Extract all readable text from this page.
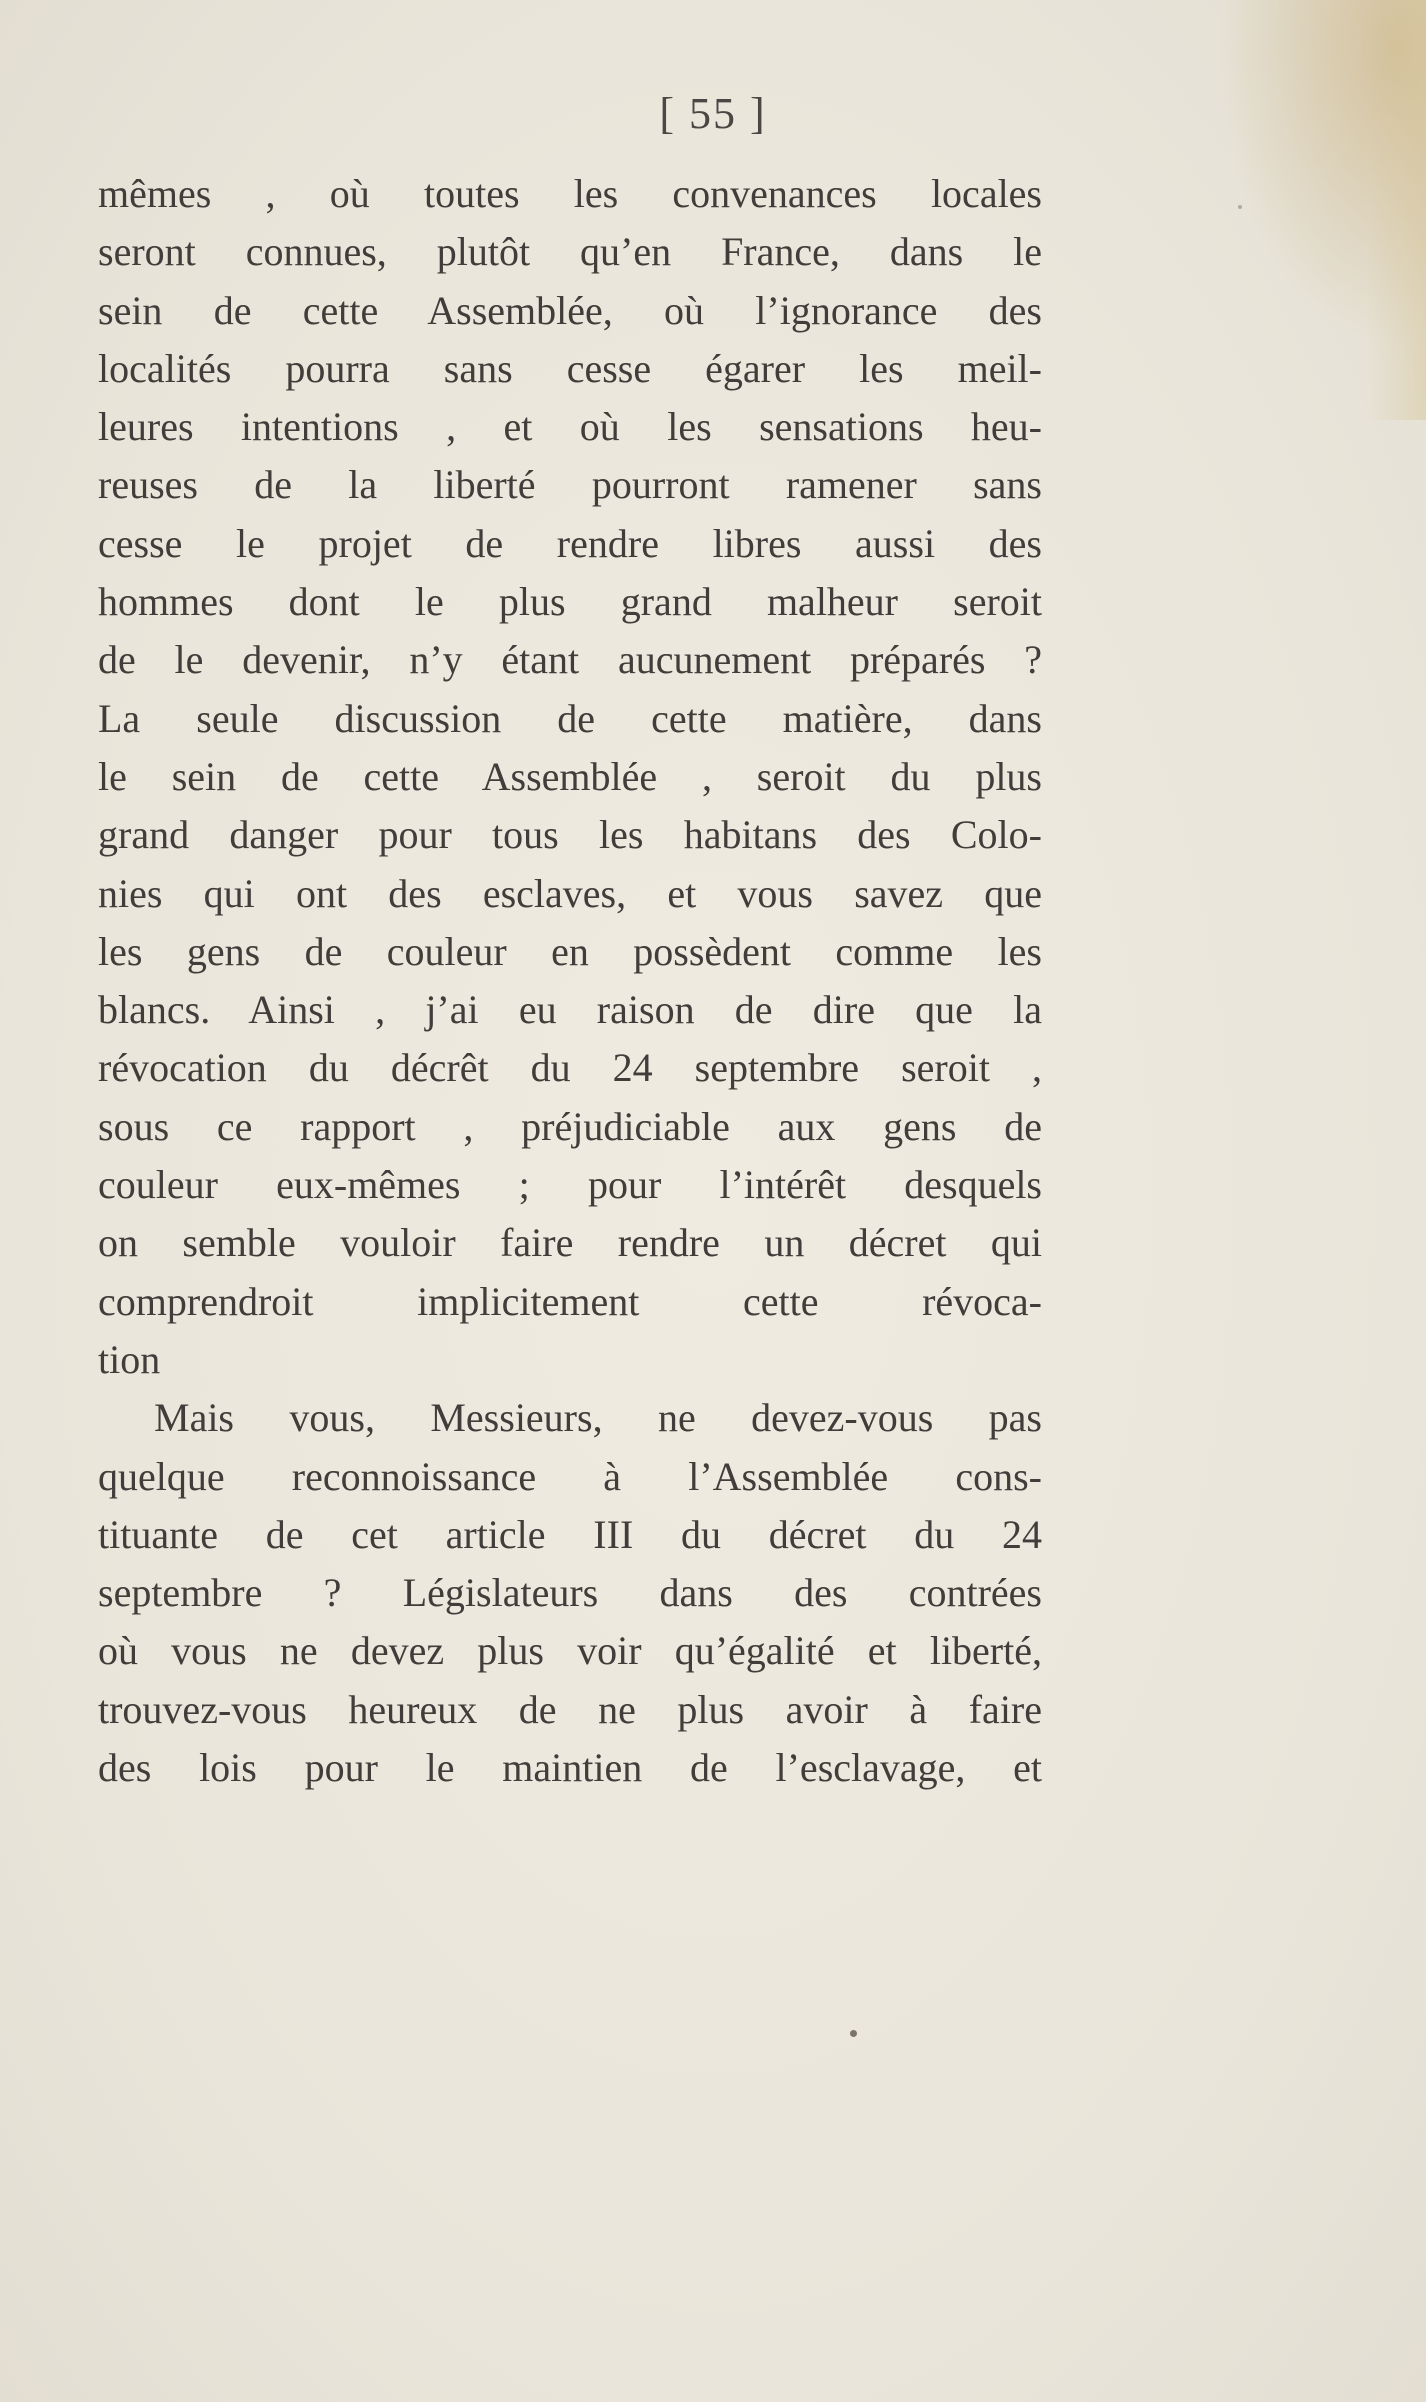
[ 55 ]
mêmes , où toutes les convenances locales
seront connues, plutôt qu’en France, dans le
sein de cette Assemblée, où l’ignorance des
localités pourra sans cesse égarer les meil-
leures intentions , et où les sensations heu-
reuses de la liberté pourront ramener sans
cesse le projet de rendre libres aussi des
hommes dont le plus grand malheur seroit
de le devenir, n’y étant aucunement préparés ?
La seule discussion de cette matière, dans
le sein de cette Assemblée , seroit du plus
grand danger pour tous les habitans des Colo-
nies qui ont des esclaves, et vous savez que
les gens de couleur en possèdent comme les
blancs. Ainsi , j’ai eu raison de dire que la
révocation du décrêt du 24 septembre seroit ,
sous ce rapport , préjudiciable aux gens de
couleur eux-mêmes ; pour l’intérêt desquels
on semble vouloir faire rendre un décret qui
comprendroit implicitement cette révoca-
tion
Mais vous, Messieurs, ne devez-vous pas
quelque reconnoissance à l’Assemblée cons-
tituante de cet article III du décret du 24
septembre ? Législateurs dans des contrées
où vous ne devez plus voir qu’égalité et liberté,
trouvez-vous heureux de ne plus avoir à faire
des lois pour le maintien de l’esclavage, et
